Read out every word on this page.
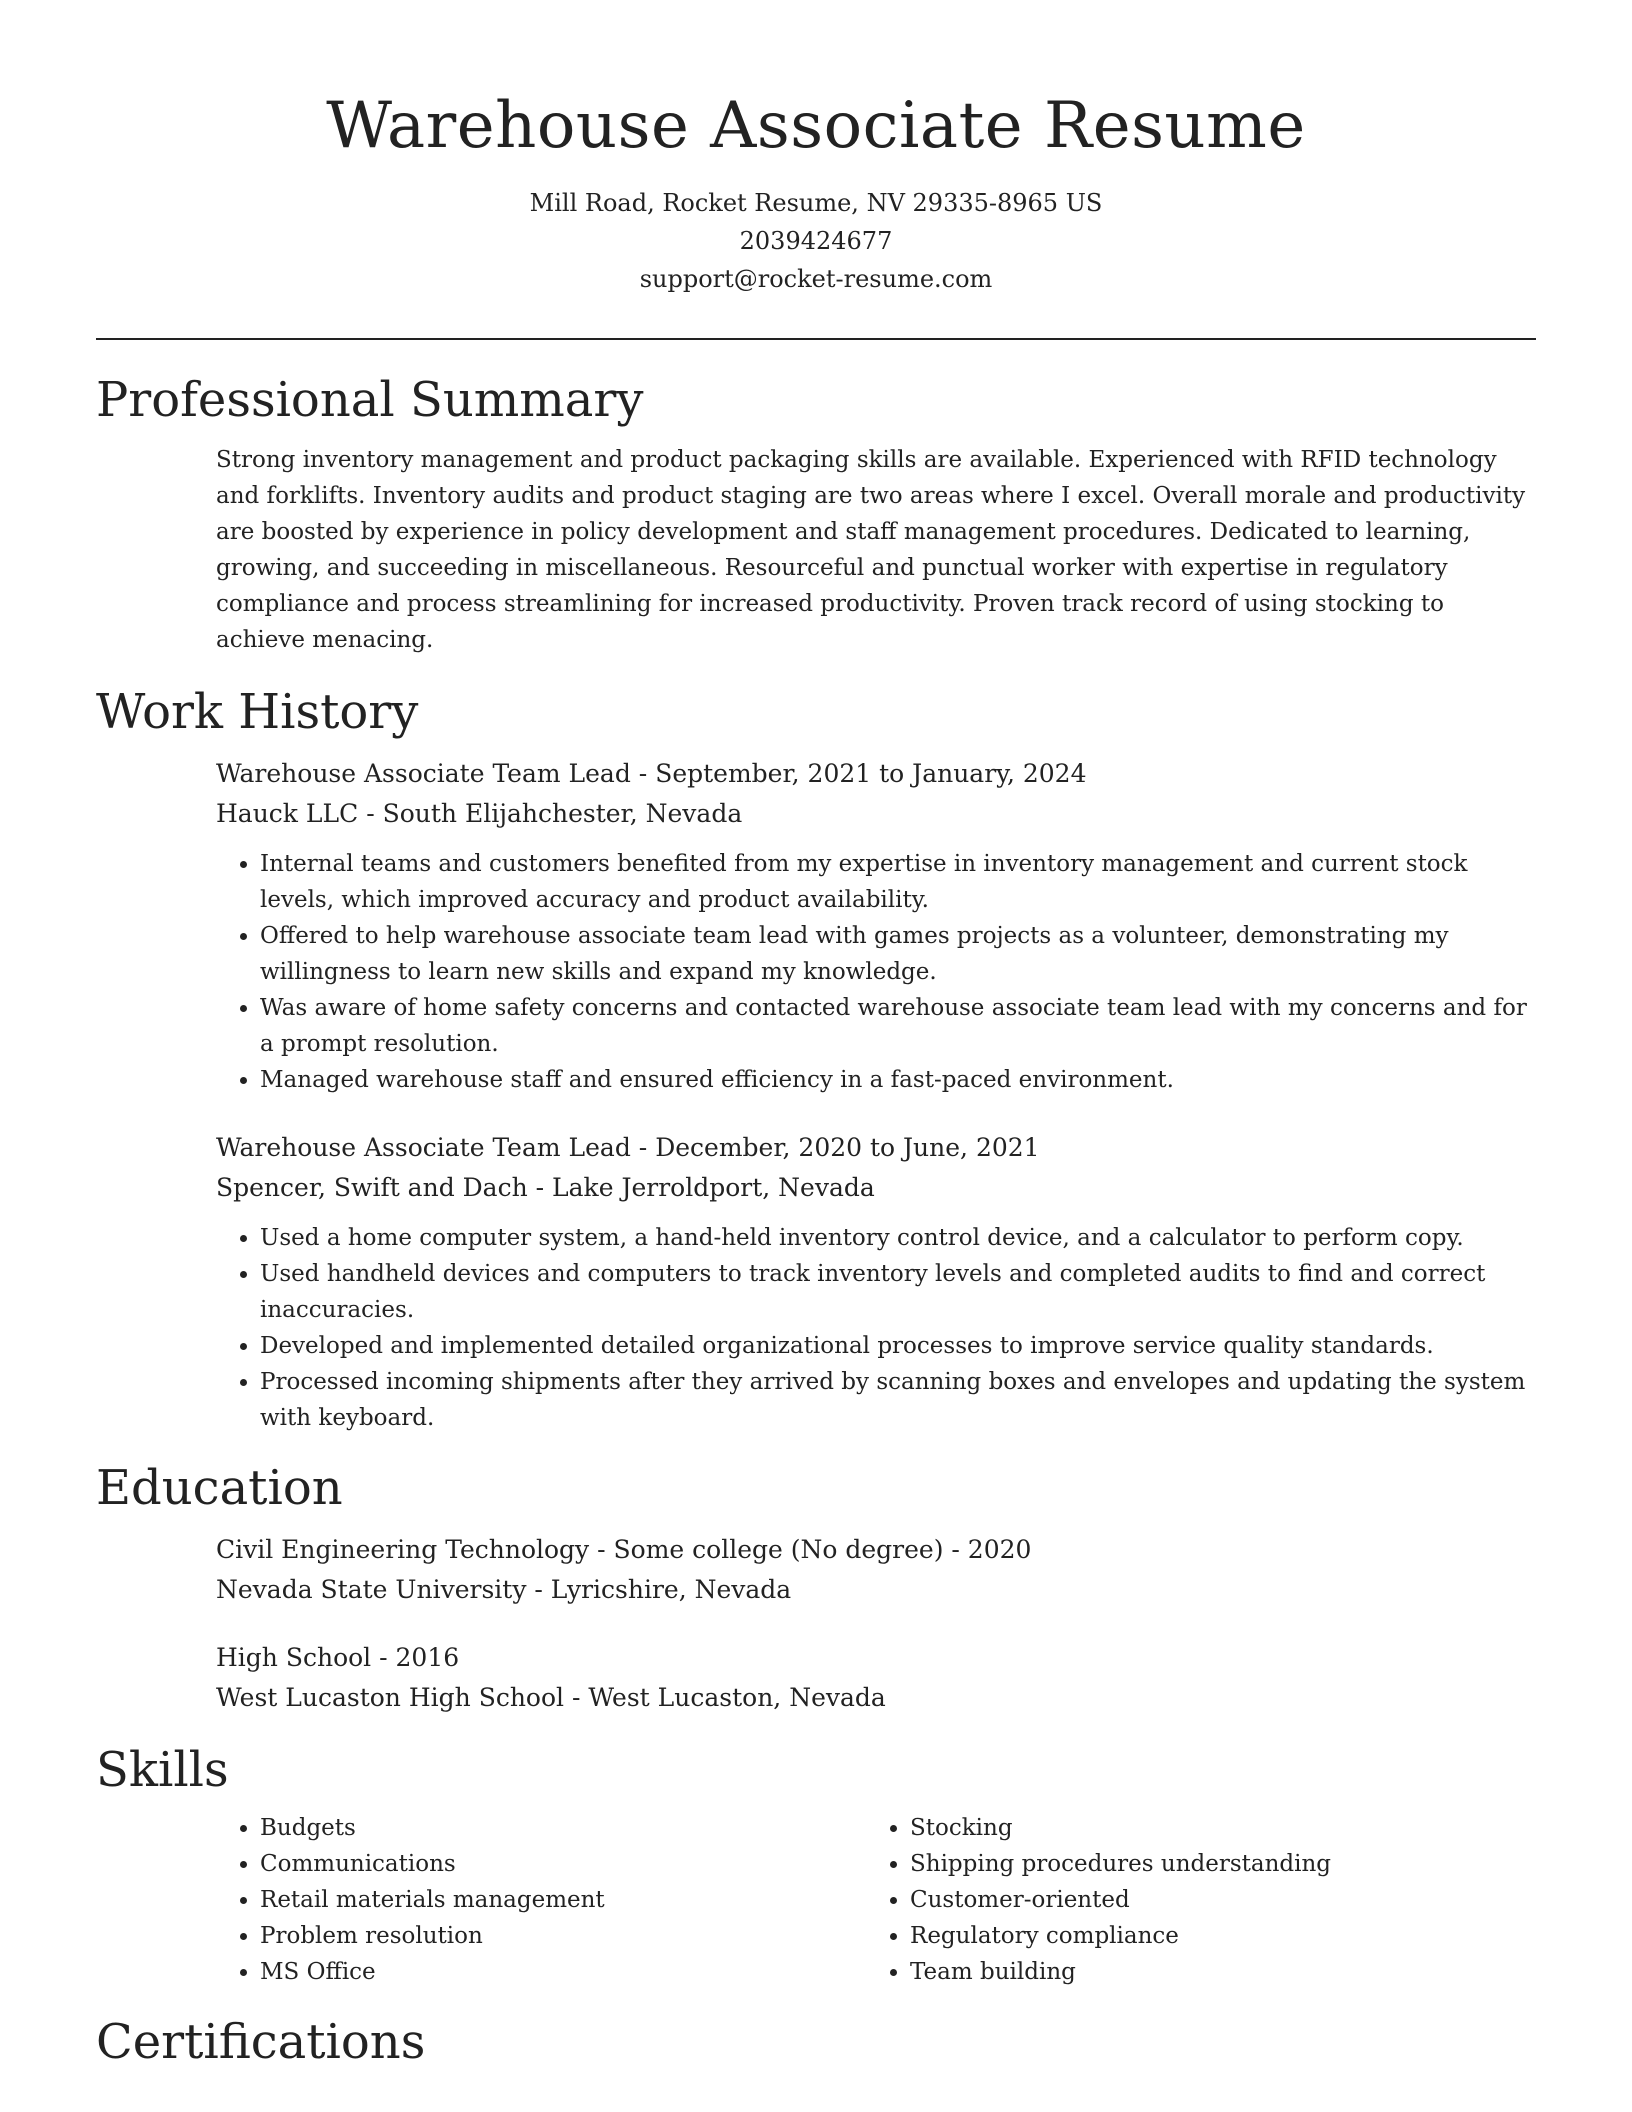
Warehouse Associate Resume
Mill Road, Rocket Resume, NV 29335-8965 US
2039424677
support@rocket-resume.com
Professional Summary

Strong inventory management and product packaging skills are available. Experienced with RFID technology and forklifts. Inventory audits and product staging are two areas where I excel. Overall morale and productivity are boosted by experience in policy development and staff management procedures. Dedicated to learning, growing, and succeeding in miscellaneous. Resourceful and punctual worker with expertise in regulatory compliance and process streamlining for increased productivity. Proven track record of using stocking to achieve menacing.

Work History
Warehouse Associate Team Lead - September, 2021 to January, 2024
Hauck LLC - South Elijahchester, Nevada
• Internal teams and customers benefited from my expertise in inventory management and current stock levels, which improved accuracy and product availability.
• Offered to help warehouse associate team lead with games projects as a volunteer, demonstrating my willingness to learn new skills and expand my knowledge.
• Was aware of home safety concerns and contacted warehouse associate team lead with my concerns and for a prompt resolution.
• Managed warehouse staff and ensured efficiency in a fast-paced environment.
Warehouse Associate Team Lead - December, 2020 to June, 2021
Spencer, Swift and Dach - Lake Jerroldport, Nevada
• Used a home computer system, a hand-held inventory control device, and a calculator to perform copy.
• Used handheld devices and computers to track inventory levels and completed audits to find and correct inaccuracies.
• Developed and implemented detailed organizational processes to improve service quality standards.
• Processed incoming shipments after they arrived by scanning boxes and envelopes and updating the system with keyboard.
Education
Civil Engineering Technology - Some college (No degree) - 2020
Nevada State University - Lyricshire, Nevada
High School - 2016
West Lucaston High School - West Lucaston, Nevada
Skills
• Budgets
• Communications
• Retail materials management
• Problem resolution
• MS Office
• Stocking
• Shipping procedures understanding
• Customer-oriented
• Regulatory compliance
• Team building
Certifications
